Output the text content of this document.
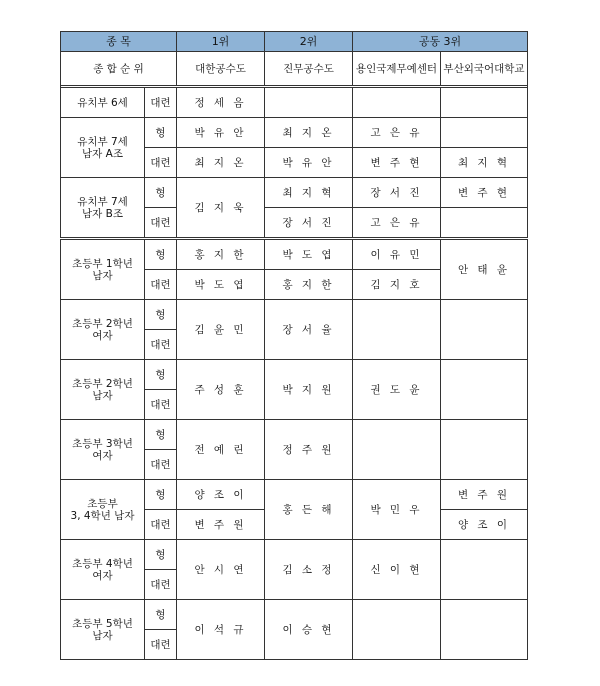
종 목		1위	2위	공동 3위	
종 합 순 위		대한공수도	진무공수도	용인국제무예센터	부산외국어대학교

유치부 6세	대련	정 세 음			
유치부 7세
남자 A조	형	박 유 안	최 지 온	고 은 유	
	대련	최 지 온	박 유 안	변 주 현	최 지 혁
유치부 7세
남자 B조	형	김 지 욱	최 지 혁	장 서 진	변 주 현
	대련		장 서 진	고 은 유	
초등부 1학년
남자	형	홍 지 한	박 도 엽	이 유 민	안 태 윤
	대련	박 도 엽	홍 지 한	김 지 호	
초등부 2학년
여자	형	김 윤 민	장 서 율		
	대련				
초등부 2학년
남자	형	주 성 훈	박 지 원	권 도 윤	
	대련				
초등부 3학년
여자	형	전 예 린	정 주 원		
	대련				
초등부
3, 4학년 남자	형	양 조 이	홍 든 해	박 민 우	변 주 원
	대련	변 주 원			양 조 이
초등부 4학년
여자	형	안 시 연	김 소 정	신 이 현	
	대련				
초등부 5학년
남자	형	이 석 규	이 승 현		
	대련				
